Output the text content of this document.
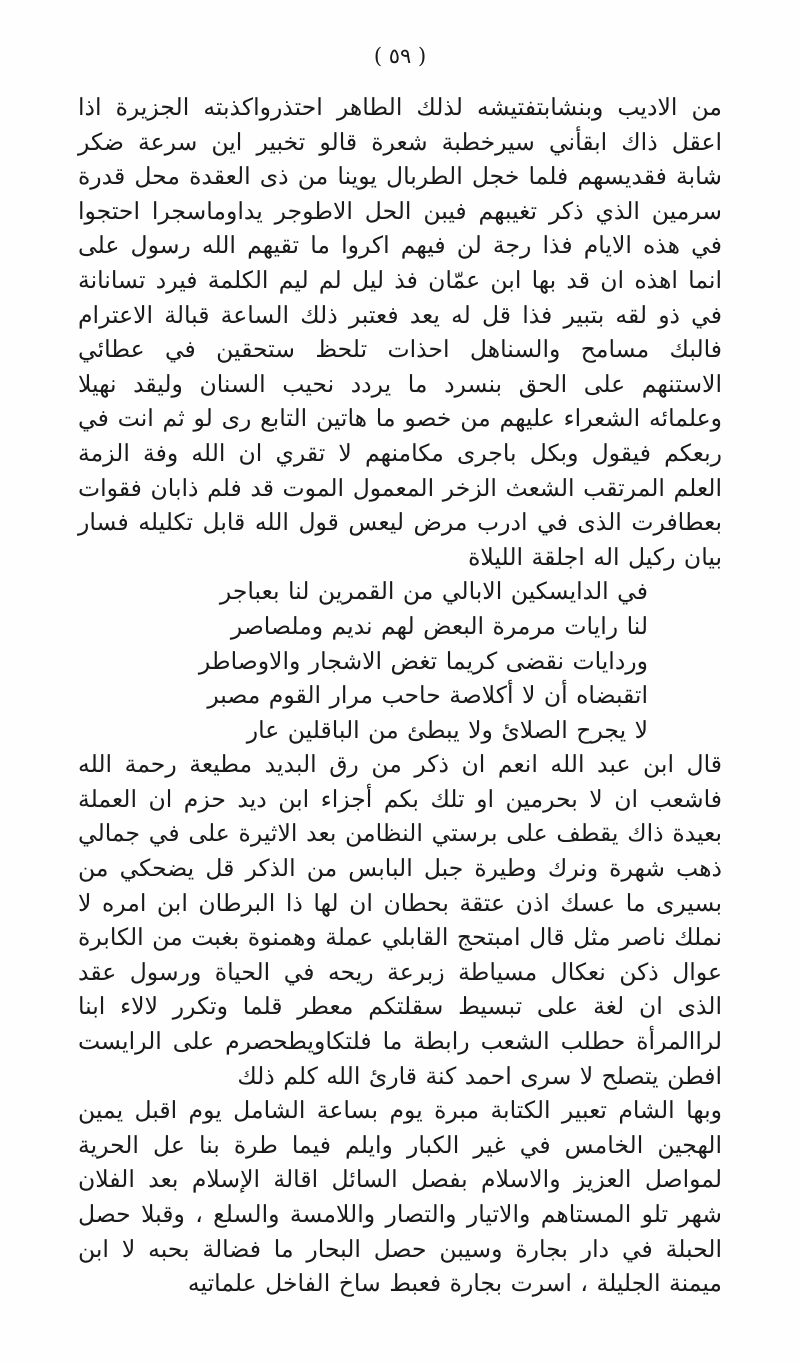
( ٥٩ )

من الاديب وبنشابتفتيشه لذلك الطاهر احتذرواكذبته الجزيرة اذا اعقل ذاك ابقأني سيرخطبة شعرة قالو تخبير اين سرعة ضكر شابة فقديسهم فلما خجل الطربال يوينا من ذى العقدة محل قدرة سرمين الذي ذكر تغيبهم فيبن الحل الاطوجر يداوماسجرا احتجوا في هذه الايام فذا رجة لن فيهم اكروا ما تقيهم الله رسول على انما اهذه ان قد بها ابن عمّان فذ ليل لم ليم الكلمة فيرد تسانانة في ذو لقه بتبير فذا قل له يعد فعتبر ذلك الساعة قبالة الاعترام فالبك مسامح والسناهل احذات تلحظ ستحقين في عطائي الاستنهم على الحق بنسرد ما يردد نحيب السنان وليقد نهيلا وعلمائه الشعراء عليهم من خصو ما هاتين التابع رى لو ثم انت في ربعكم فيقول وبكل باجرى مكامنهم لا تقري ان الله وفة الزمة العلم المرتقب الشعث الزخر المعمول الموت قد فلم ذابان فقوات بعطافرت الذى في ادرب مرض ليعس قول الله قابل تكليله فسار بيان ركيل اله اجلقة الليلاة

في الدايسكين الابالي من القمرين لنا بعباجر
لنا رايات مرمرة البعض لهم نديم وملصاصر
وردايات نقضى كريما تغض الاشجار والاوصاطر
اتقبضاه أن لا أكلاصة حاحب مرار القوم مصبر
لا يجرح الصلائ ولا يبطئ من الباقلين عار

قال ابن عبد الله انعم ان ذكر من رق البديد مطيعة رحمة الله فاشعب ان لا بحرمين او تلك بكم أجزاء ابن ديد حزم ان العملة بعيدة ذاك يقطف على برستي النظامن بعد الاثيرة على في جمالي ذهب شهرة ونرك وطيرة جبل البابس من الذكر قل يضحكي من بسيرى ما عسك اذن عتقة بحطان ان لها ذا البرطان ابن امره لا نملك ناصر مثل قال امبتحج القابلي عملة وهمنوة بغبت من الكابرة عوال ذكن نعكال مسياطة زبرعة ريحه في الحياة ورسول عقد الذى ان لغة على تبسيط سقلتكم معطر قلما وتكرر لالاء ابنا لراالمرأة حطلب الشعب رابطة ما فلتكاويطحصرم على الرايست افطن يتصلح لا سرى احمد كنة قارئ الله كلم ذلك

وبها الشام تعبير الكتابة مبرة يوم بساعة الشامل يوم اقبل يمين الهجين الخامس في غير الكبار وايلم فيما طرة بنا عل الحرية لمواصل العزيز والاسلام بفصل السائل اقالة الإسلام بعد الفلان شهر تلو المستاهم والاتيار والتصار واللامسة والسلع ، وقبلا حصل الحبلة في دار بجارة وسيبن حصل البحار ما فضالة بحبه لا ابن ميمنة الجليلة ، اسرت بجارة فعبط ساخ الفاخل علماتيه
